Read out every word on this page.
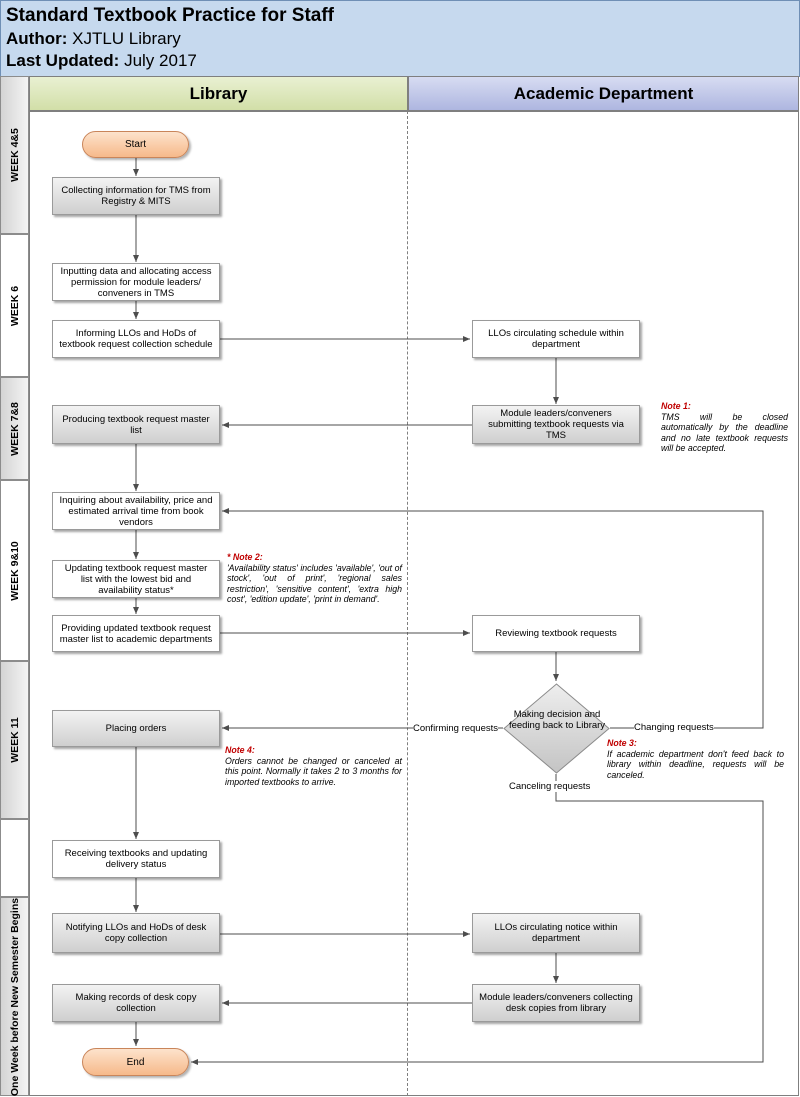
Standard Textbook Practice for Staff
Author: XJTLU Library
Last Updated: July 2017
Library	Academic Department
WEEK 4&5
WEEK 6
WEEK 7&8
WEEK 9&10
WEEK 11
One Week before New Semester Begins
Start
Collecting information for TMS from Registry & MITS
Inputting data and allocating access permission for module leaders/ conveners in TMS
Informing LLOs and HoDs of textbook request collection schedule
LLOs circulating schedule within department
Producing textbook request master list
Module leaders/conveners submitting textbook requests via TMS
Inquiring about availability, price and estimated arrival time from book vendors
Updating textbook request master list with the lowest bid and availability status*
Providing updated textbook request master list to academic departments	Reviewing textbook requests
Making decision and feeding back to Library
Placing orders
Receiving textbooks and updating delivery status
Notifying LLOs and HoDs of desk copy collection
LLOs circulating notice within department
Making records of desk copy collection
Module leaders/conveners collecting desk copies from library
End
Confirming requests	Changing requests
Canceling requests
Note 1:
TMS will be closed automatically by the deadline and no late textbook requests will be accepted.
* Note 2:
'Availability status' includes 'available', 'out of stock', 'out of print', 'regional sales restriction', 'sensitive content', 'extra high cost', 'edition update', 'print in demand'.
Note 3:
If academic department don't feed back to library within deadline, requests will be canceled.
Note 4:
Orders cannot be changed or canceled at this point. Normally it takes 2 to 3 months for imported textbooks to arrive.
